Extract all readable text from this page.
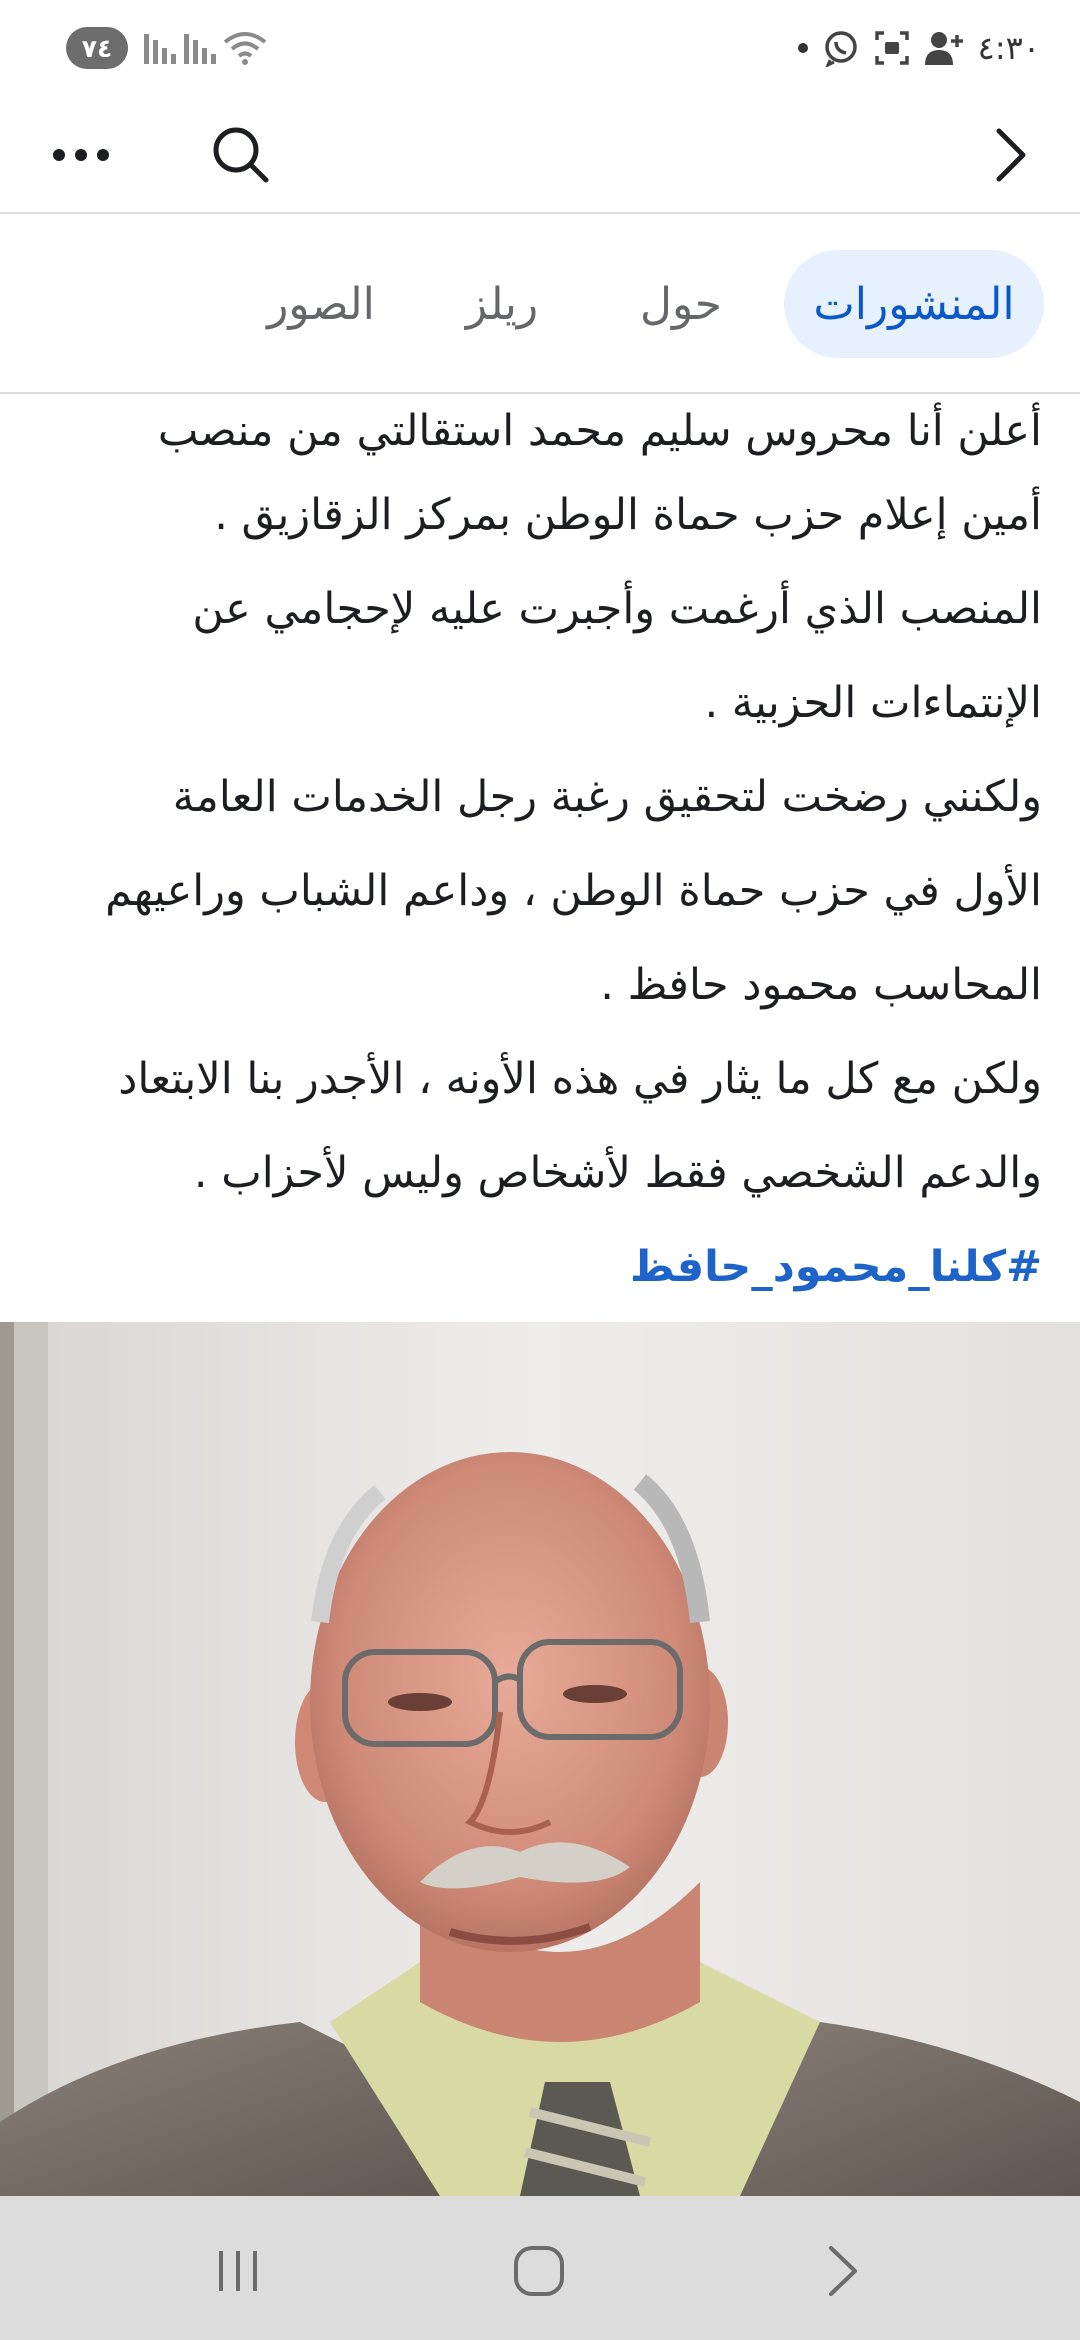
٧٤	٤:٣٠
المنشورات
حول
ريلز
الصور
أعلن أنا محروس سليم محمد استقالتي من منصب
أمين إعلام حزب حماة الوطن بمركز الزقازيق .
المنصب الذي أرغمت وأجبرت عليه لإحجامي عن
الإنتماءات الحزبية .
ولكنني رضخت لتحقيق رغبة رجل الخدمات العامة
الأول في حزب حماة الوطن ، وداعم الشباب وراعيهم
المحاسب محمود حافظ .
ولكن مع كل ما يثار في هذه الأونه ، الأجدر بنا الابتعاد
والدعم الشخصي فقط لأشخاص وليس لأحزاب .
#كلنا_محمود_حافظ
